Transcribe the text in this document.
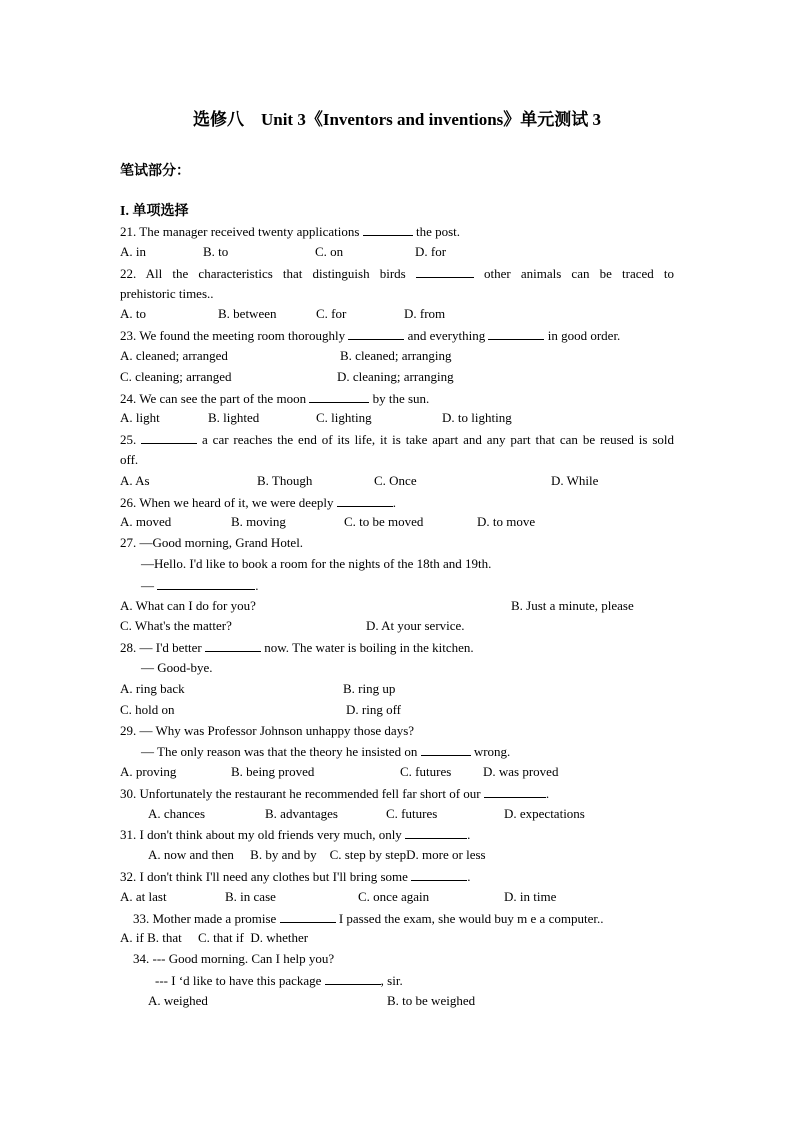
选修八　Unit 3《Inventors and inventions》单元测试 3
笔试部分：
I. 单项选择
21. The manager received twenty applications	the post.
A. in	B. to	C. on	D. for
22. All the characteristics that distinguish birds	other animals can be traced to
prehistoric times..
A. to	B. between	C. for	D. from
23. We found the meeting room thoroughly	and everything	in good order.
A. cleaned; arranged	B. cleaned; arranging
C. cleaning; arranged	D. cleaning; arranging
24. We can see the part of the moon	by the sun.
A. light	B. lighted	C. lighting	D. to lighting
25.	a car reaches the end of its life, it is take apart and any part that can be reused is sold
off.
A. As	B. Though	C. Once	D. While
26. When we heard of it, we were deeply	.
A. moved	B. moving	C. to be moved	D. to move
27. —Good morning, Grand Hotel.
—Hello. I'd like to book a room for the nights of the 18th and 19th.
—	.
A. What can I do for you?	B. Just a minute, please
C. What's the matter?	D. At your service.
28. — I'd better	now. The water is boiling in the kitchen.
— Good-bye.
A. ring back	B. ring up
C. hold on	D. ring off
29. — Why was Professor Johnson unhappy those days?
— The only reason was that the theory he insisted on	wrong.
A. proving	B. being proved	C. futures D. was proved
30. Unfortunately the restaurant he recommended fell far short of our	.
A. chances	B. advantages	C. futures	D. expectations
31. I don't think about my old friends very much, only	.
A. now and then     B. by and by    C. step by stepD. more or less
32. I don't think I'll need any clothes but I'll bring some	.
A. at last	B. in case	C. once again	D. in time
33. Mother made a promise	I passed the exam, she would buy m e a computer..
A. if B. that     C. that if  D. whether
34. --- Good morning. Can I help you?
--- I ‘d like to have this package	, sir.
A. weighed	B. to be weighed
